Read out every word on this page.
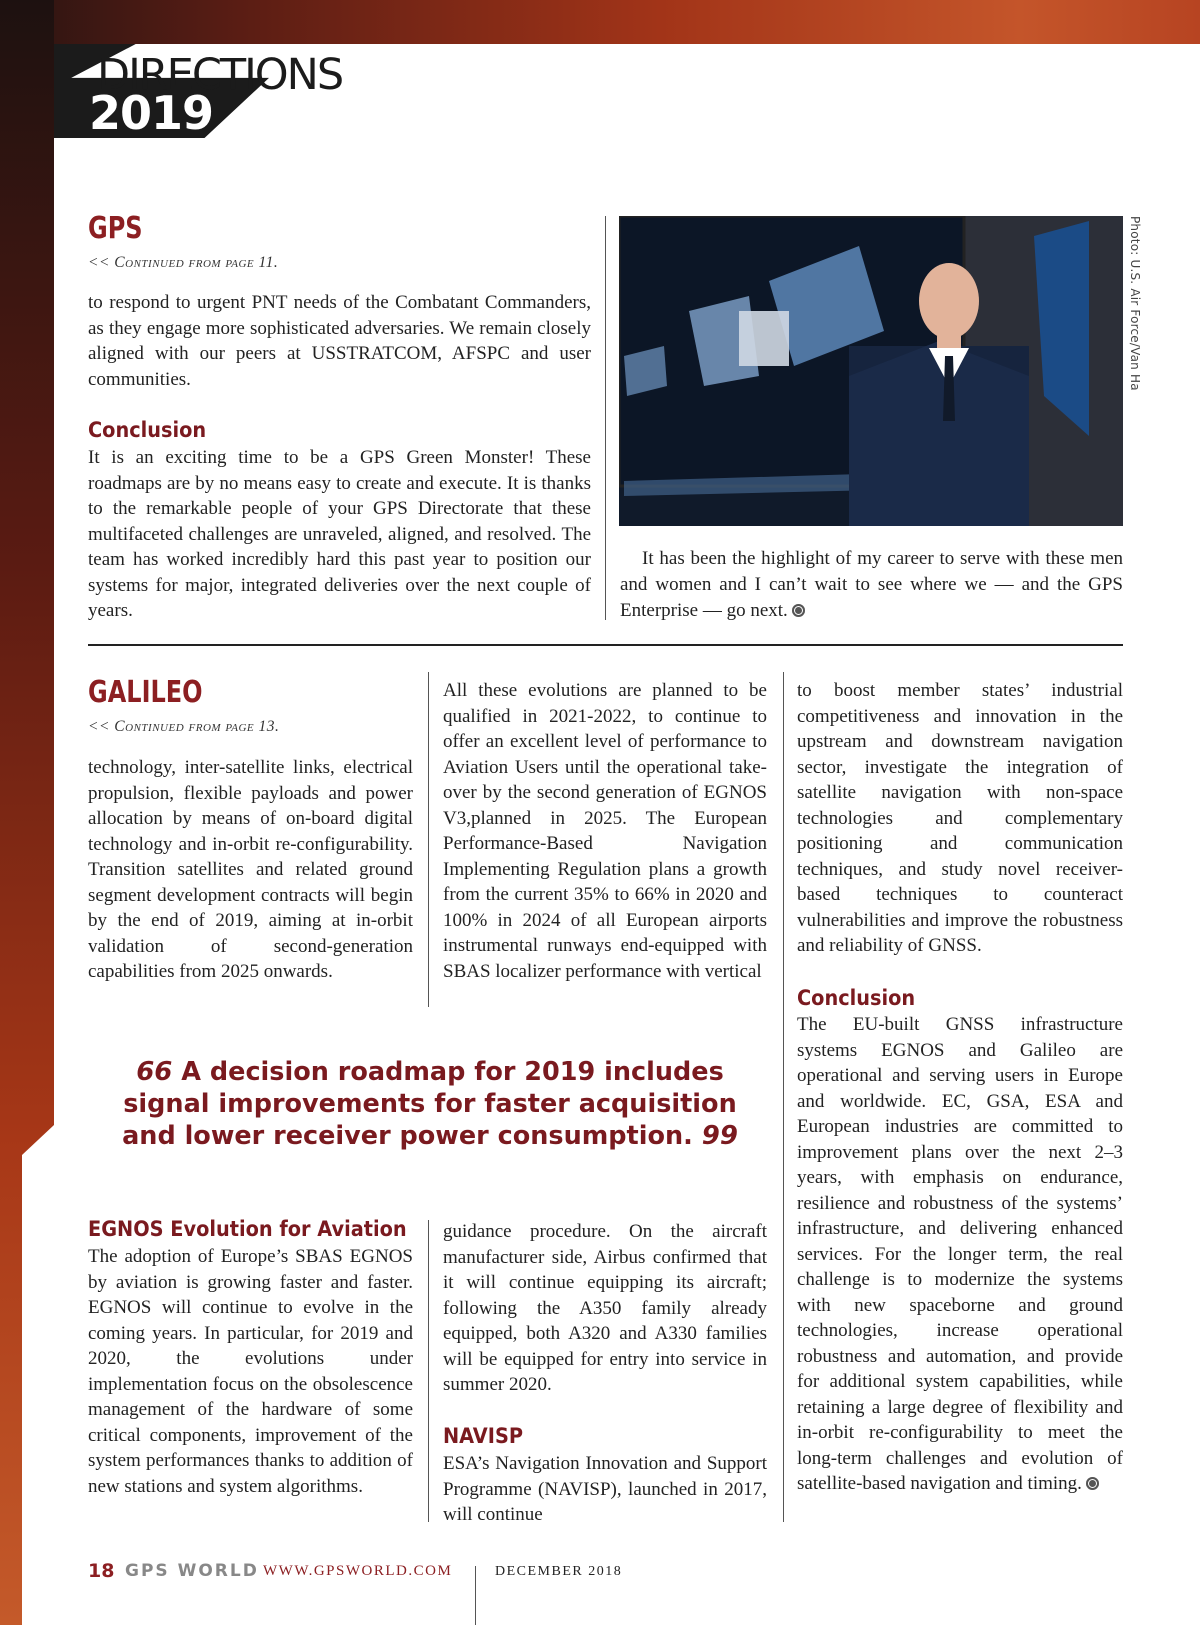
DIRECTIONS
2019
GPS
<< Continued from page 11.

to respond to urgent PNT needs of the Combatant Commanders, as they engage more sophisticated adversaries. We remain closely aligned with our peers at USSTRATCOM, AFSPC and user communities.

Conclusion

It is an exciting time to be a GPS Green Monster! These roadmaps are by no means easy to create and execute. It is thanks to the remarkable people of your GPS Directorate that these multifaceted challenges are unraveled, aligned, and resolved. The team has worked incredibly hard this past year to position our systems for major, integrated deliveries over the next couple of years.

Photo: U.S. Air Force/Van Ha

It has been the highlight of my career to serve with these men and women and I can’t wait to see where we — and the GPS Enterprise — go next.

GALILEO
<< Continued from page 13.

technology, inter-satellite links, electrical propulsion, flexible payloads and power allocation by means of on-board digital technology and in-orbit re-configurability. Transition satellites and related ground segment development contracts will begin by the end of 2019, aiming at in-orbit validation of second-generation capabilities from 2025 onwards.

All these evolutions are planned to be qualified in 2021-2022, to continue to offer an excellent level of performance to Aviation Users until the operational take-over by the second generation of EGNOS V3,planned in 2025. The European Performance-Based Navigation Implementing Regulation plans a growth from the current 35% to 66% in 2020 and 100% in 2024 of all European airports instrumental runways end-equipped with SBAS localizer performance with vertical

to boost member states’ industrial competitiveness and innovation in the upstream and downstream navigation sector, investigate the integration of satellite navigation with non-space technologies and complementary positioning and communication techniques, and study novel receiver-based techniques to counteract vulnerabilities and improve the robustness and reliability of GNSS.

Conclusion

The EU-built GNSS infrastructure systems EGNOS and Galileo are operational and serving users in Europe and worldwide. EC, GSA, ESA and European industries are committed to improvement plans over the next 2–3 years, with emphasis on endurance, resilience and robustness of the systems’ infrastructure, and delivering enhanced services. For the longer term, the real challenge is to modernize the systems with new spaceborne and ground technologies, increase operational robustness and automation, and provide for additional system capabilities, while retaining a large degree of flexibility and in-orbit re-configurability to meet the long-term challenges and evolution of satellite-based navigation and timing.

66 A decision roadmap for 2019 includes signal improvements for faster acquisition and lower receiver power consumption. 99
EGNOS Evolution for Aviation

The adoption of Europe’s SBAS EGNOS by aviation is growing faster and faster. EGNOS will continue to evolve in the coming years. In particular, for 2019 and 2020, the evolutions under implementation focus on the obsolescence management of the hardware of some critical components, improvement of the system performances thanks to addition of new stations and system algorithms.

guidance procedure. On the aircraft manufacturer side, Airbus confirmed that it will continue equipping its aircraft; following the A350 family already equipped, both A320 and A330 families will be equipped for entry into service in summer 2020.

NAVISP

ESA’s Navigation Innovation and Support Programme (NAVISP), launched in 2017, will continue

18 GPS WORLD WWW.GPSWORLD.COM	DECEMBER 2018
